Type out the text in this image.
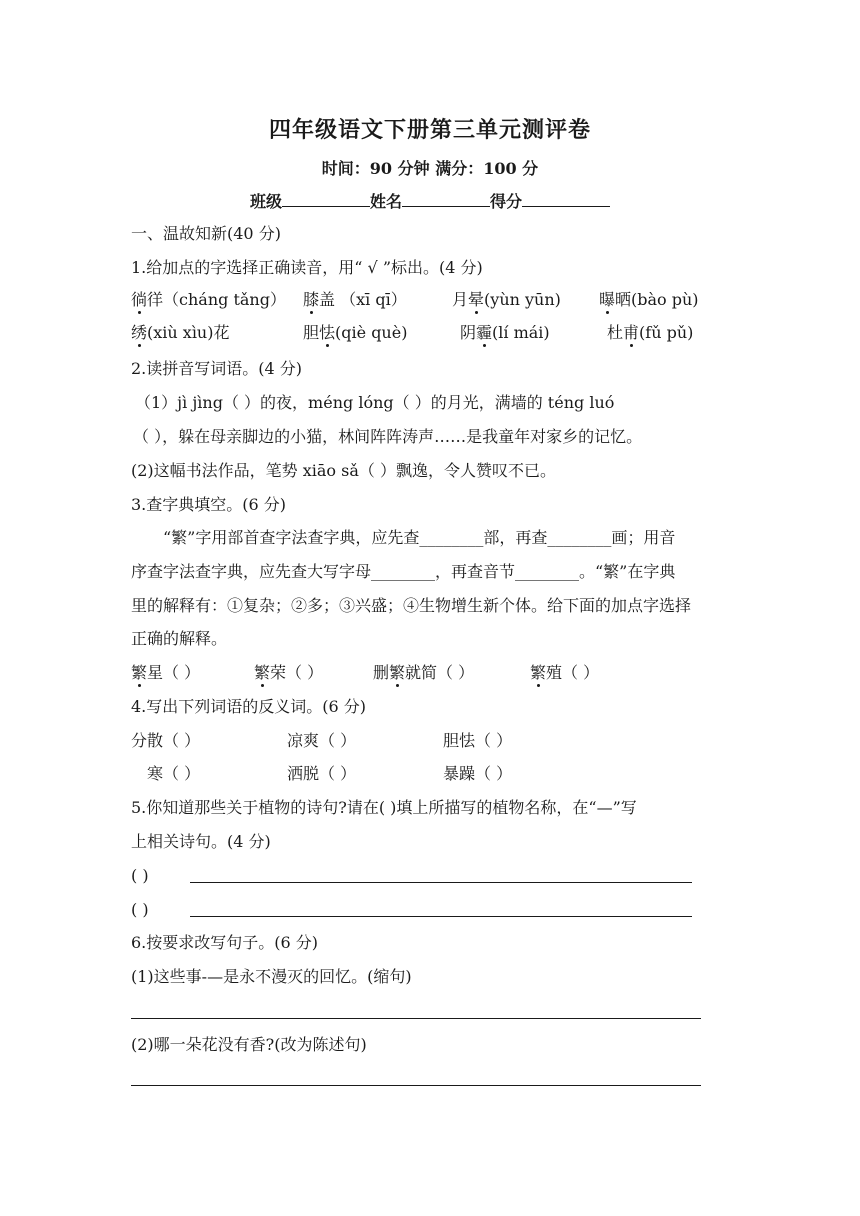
四年级语文下册第三单元测评卷
时间：90 分钟 满分：100 分
班级	姓名	得分
一、温故知新(40 分)
1.给加点的字选择正确读音，用“ √ ”标出。(4 分)
徜徉（cháng tǎng） 膝盖 （xī qī）	月晕(yùn yūn) 曝晒(bào pù)
绣(xiù xìu)花	胆怯(qiè què)	阴霾(lí mái)	杜甫(fǔ pǔ)
2.读拼音写词语。(4 分)
（1）jì jìng（ ）的夜，méng lóng（ ）的月光，满墙的 téng luó
（ ），躲在母亲脚边的小猫，林间阵阵涛声……是我童年对家乡的记忆。
(2)这幅书法作品，笔势 xiāo sǎ（ ）飘逸，令人赞叹不已。
3.查字典填空。(6 分)
“繁”字用部首查字法查字典，应先查________部，再查________画；用音
序查字法查字典，应先查大写字母________，再查音节________。“繁”在字典
里的解释有：①复杂；②多；③兴盛；④生物增生新个体。给下面的加点字选择
正确的解释。
繁星（ ）	繁荣（ ）	删繁就简（ ）	繁殖（ ）
4.写出下列词语的反义词。(6 分)
分散（ ）	凉爽（ ）	胆怯（ ）
寒（ ）	洒脱（ ）	暴躁（ ）
5.你知道那些关于植物的诗句?请在( )填上所描写的植物名称，在“—”写
上相关诗句。(4 分)
( )
( )
6.按要求改写句子。(6 分)
(1)这些事-—是永不漫灭的回忆。(缩句)
(2)哪一朵花没有香?(改为陈述句)
